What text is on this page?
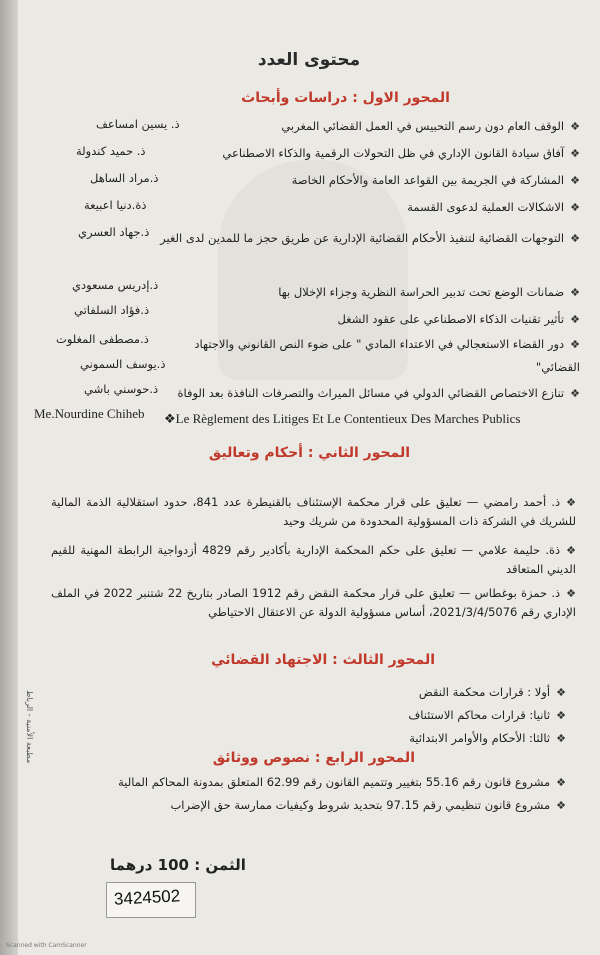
محتوى العدد
المحور الاول : دراسات وأبحاث
❖الوقف العام دون رسم التحبيس في العمل القضائي المغربي
ذ. يسين امساعف
❖آفاق سيادة القانون الإداري في ظل التحولات الرقمية والذكاء الاصطناعي
ذ. حميد كندولة
❖المشاركة في الجريمة بين القواعد العامة والأحكام الخاصة
ذ.مراد الساهل
❖الاشكالات العملية لدعوى القسمة
ذة.دنيا اعبيعة
❖التوجهات القضائية لتنفيذ الأحكام القضائية الإدارية عن طريق حجز ما للمدين لدى الغير
ذ.جهاد العسري
❖ضمانات الوضع تحت تدبير الحراسة النظرية وجزاء الإخلال بها
ذ.إدريس مسعودي
❖تأثير تقنيات الذكاء الاصطناعي على عقود الشغل
ذ.فؤاد السلفاتي
❖دور القضاء الاستعجالي في الاعتداء المادي " على ضوء النص القانوني والاجتهاد القضائي"
ذ.مصطفى المغلوت
ذ.يوسف السموني
❖تنازع الاختصاص القضائي الدولي في مسائل الميراث والتصرفات النافذة بعد الوفاة
ذ.حوسني باشي
❖Le Règlement des Litiges Et Le Contentieux Des Marches Publics
Me.Nourdine Chiheb
المحور الثاني : أحكام وتعاليق
❖ذ. أحمد رامضي — تعليق على قرار محكمة الإستئناف بالقنيطرة عدد 841، حدود استقلالية الذمة المالية للشريك في الشركة ذات المسؤولية المحدودة من شريك وحيد
❖ذة. حليمة علامي — تعليق على حكم المحكمة الإدارية بأكادير رقم 4829 أزدواجية الرابطة المهنية للقيم الديني المتعاقد
❖ذ. حمزة بوغطاس — تعليق على قرار محكمة النقض رقم 1912 الصادر بتاريخ 22 شتنبر 2022 في الملف الإداري رقم 2021/3/4/5076، أساس مسؤولية الدولة عن الاعتقال الاحتياطي
المحور الثالث : الاجتهاد القضائي
❖أولا : قرارات محكمة النقض
❖ثانيا: قرارات محاكم الاستئناف
❖ثالثا: الأحكام والأوامر الابتدائية
المحور الرابع : نصوص ووثائق
❖مشروع قانون رقم 55.16 بتغيير وتتميم القانون رقم 62.99 المتعلق بمدونة المحاكم المالية
❖مشروع قانون تنظيمي رقم 97.15 بتحديد شروط وكيفيات ممارسة حق الإضراب
مطبعة الأمنية - الرباط
الثمن : 100 درهما
3424502
Scanned with CamScanner
